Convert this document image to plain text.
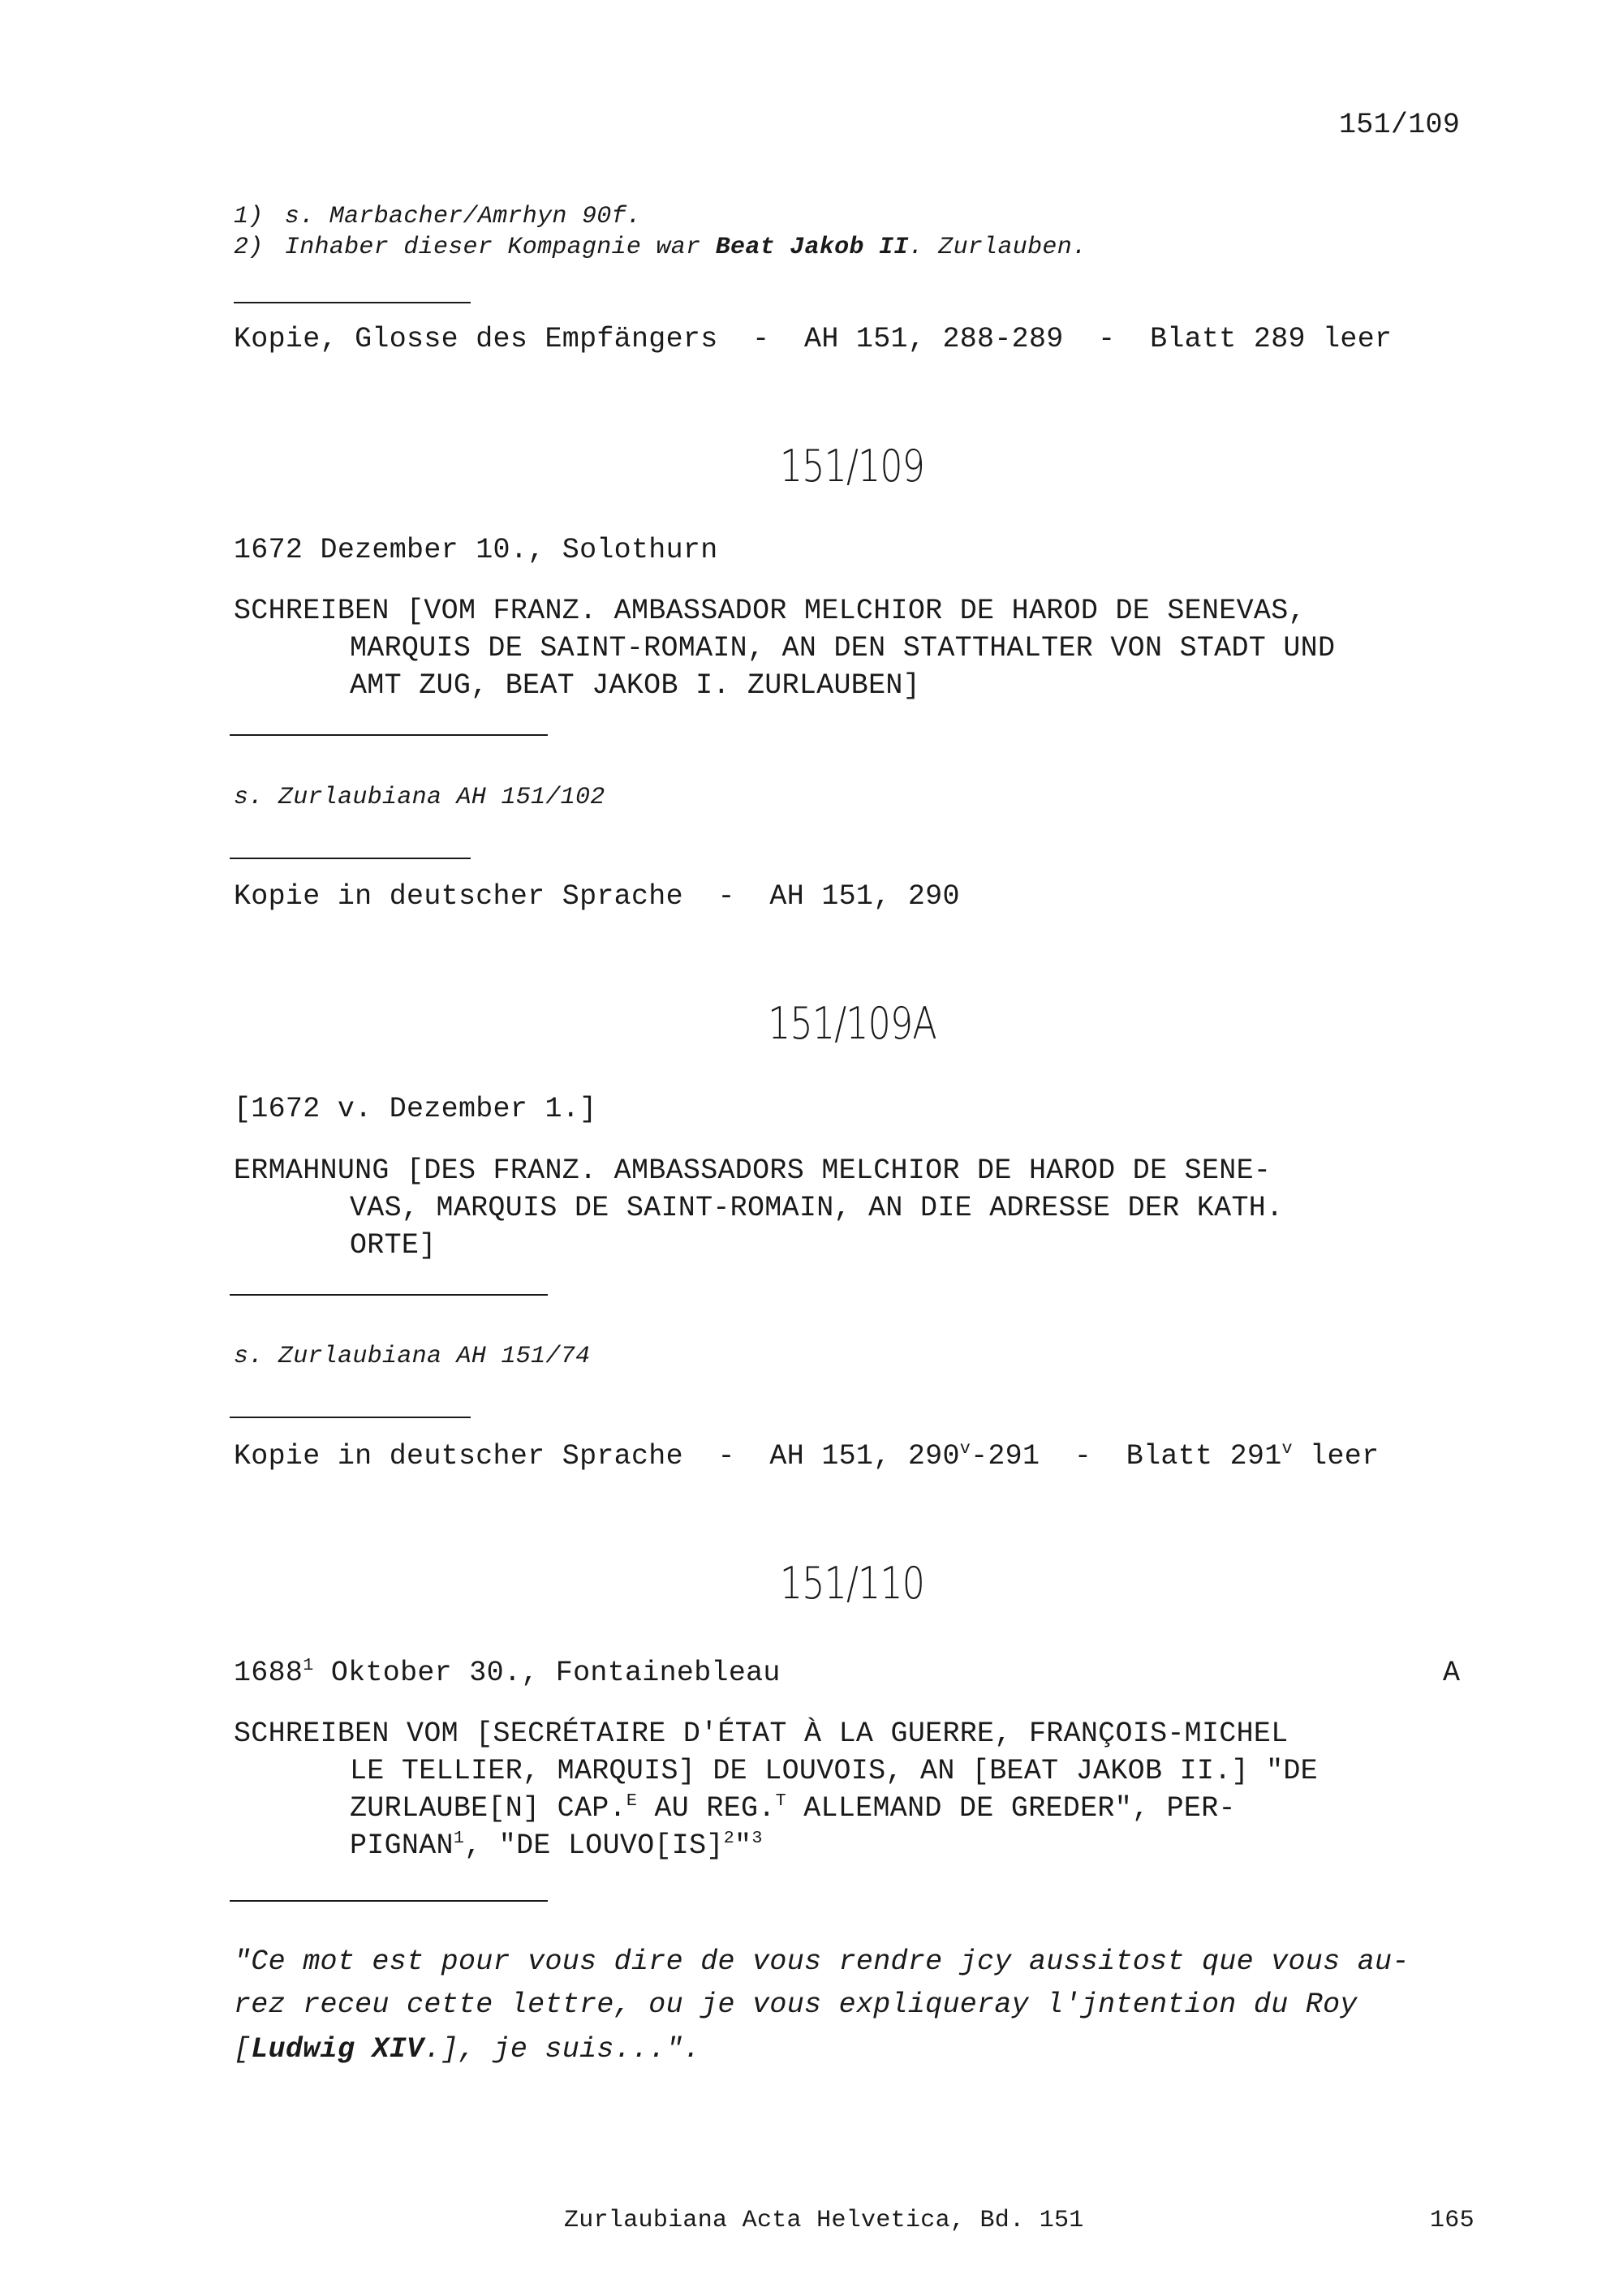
151/109
1) s. Marbacher/Amrhyn 90f.
2) Inhaber dieser Kompagnie war Beat Jakob II. Zurlauben.
Kopie, Glosse des Empfängers  -  AH 151, 288-289  -  Blatt 289 leer
151/109
1672 Dezember 10., Solothurn
SCHREIBEN [VOM FRANZ. AMBASSADOR MELCHIOR DE HAROD DE SENEVAS,
MARQUIS DE SAINT-ROMAIN, AN DEN STATTHALTER VON STADT UND
AMT ZUG, BEAT JAKOB I. ZURLAUBEN]
s. Zurlaubiana AH 151/102
Kopie in deutscher Sprache  -  AH 151, 290
151/109A
[1672 v. Dezember 1.]
ERMAHNUNG [DES FRANZ. AMBASSADORS MELCHIOR DE HAROD DE SENE-
VAS, MARQUIS DE SAINT-ROMAIN, AN DIE ADRESSE DER KATH.
ORTE]
s. Zurlaubiana AH 151/74
Kopie in deutscher Sprache  -  AH 151, 290$^v$-291  -  Blatt 291$^v$ leer
151/110
1688$^1$ Oktober 30., Fontainebleau	A
SCHREIBEN VOM [SECRÉTAIRE D'ÉTAT À LA GUERRE, FRANÇOIS-MICHEL
LE TELLIER, MARQUIS] DE LOUVOIS, AN [BEAT JAKOB II.] "DE
ZURLAUBE[N] CAP.$^E$ AU REG.$^T$ ALLEMAND DE GREDER", PER-
PIGNAN$^1$, "DE LOUVO[IS]$^2$"$^3$
"Ce mot est pour vous dire de vous rendre jcy aussitost que vous au-
rez receu cette lettre, ou je vous expliqueray l'jntention du Roy
[Ludwig XIV.], je suis...".
Zurlaubiana Acta Helvetica, Bd. 151	165
